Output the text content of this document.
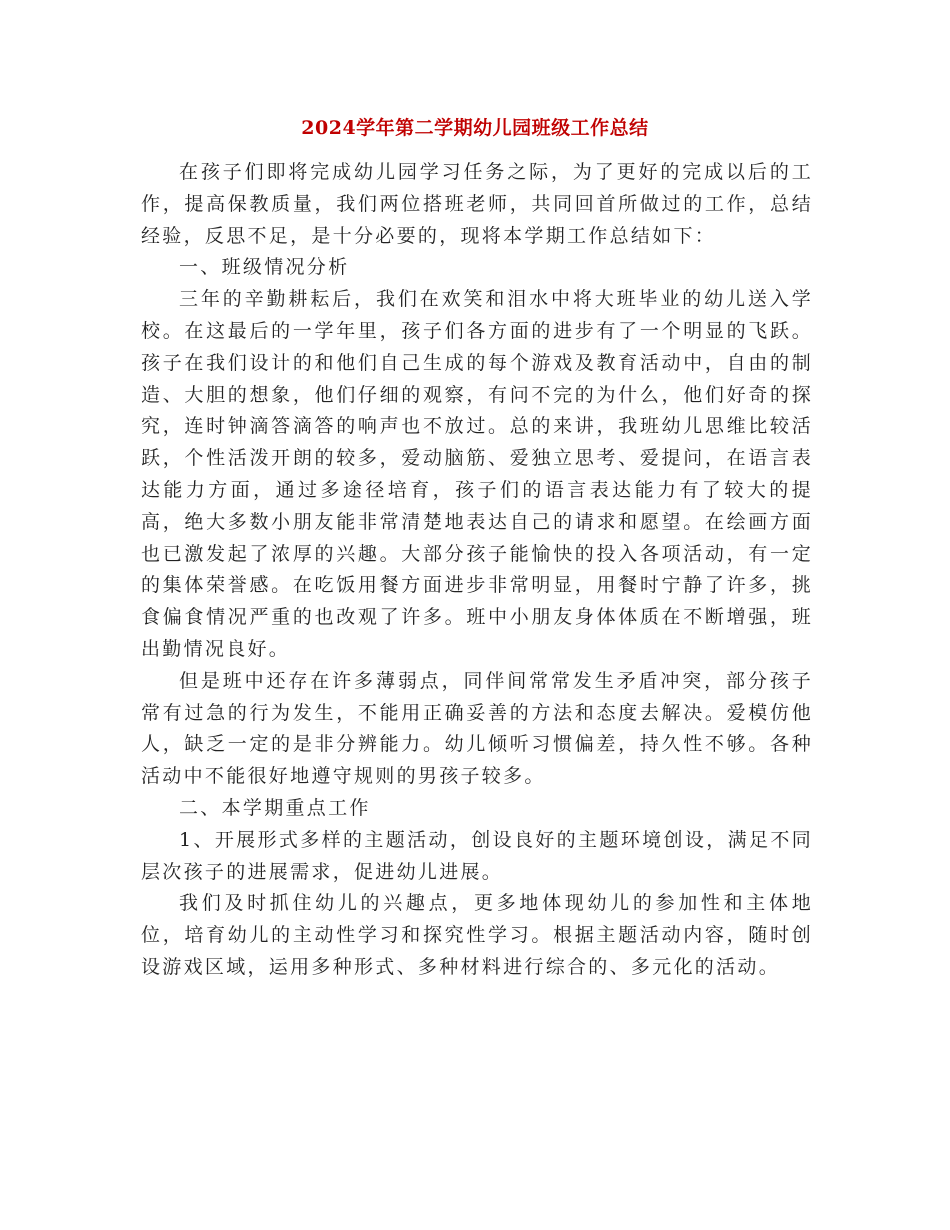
2024学年第二学期幼儿园班级工作总结

在孩子们即将完成幼儿园学习任务之际，为了更好的完成以后的工作，提高保教质量，我们两位搭班老师，共同回首所做过的工作，总结经验，反思不足，是十分必要的，现将本学期工作总结如下：

一、班级情况分析

三年的辛勤耕耘后，我们在欢笑和泪水中将大班毕业的幼儿送入学校。在这最后的一学年里，孩子们各方面的进步有了一个明显的飞跃。孩子在我们设计的和他们自己生成的每个游戏及教育活动中，自由的制造、大胆的想象，他们仔细的观察，有问不完的为什么，他们好奇的探究，连时钟滴答滴答的响声也不放过。总的来讲，我班幼儿思维比较活跃，个性活泼开朗的较多，爱动脑筋、爱独立思考、爱提问，在语言表达能力方面，通过多途径培育，孩子们的语言表达能力有了较大的提高，绝大多数小朋友能非常清楚地表达自己的请求和愿望。在绘画方面也已激发起了浓厚的兴趣。大部分孩子能愉快的投入各项活动，有一定的集体荣誉感。在吃饭用餐方面进步非常明显，用餐时宁静了许多，挑食偏食情况严重的也改观了许多。班中小朋友身体体质在不断增强，班出勤情况良好。

但是班中还存在许多薄弱点，同伴间常常发生矛盾冲突，部分孩子常有过急的行为发生，不能用正确妥善的方法和态度去解决。爱模仿他人，缺乏一定的是非分辨能力。幼儿倾听习惯偏差，持久性不够。各种活动中不能很好地遵守规则的男孩子较多。

二、本学期重点工作

1、开展形式多样的主题活动，创设良好的主题环境创设，满足不同层次孩子的进展需求，促进幼儿进展。

我们及时抓住幼儿的兴趣点，更多地体现幼儿的参加性和主体地位，培育幼儿的主动性学习和探究性学习。根据主题活动内容，随时创设游戏区域，运用多种形式、多种材料进行综合的、多元化的活动。
